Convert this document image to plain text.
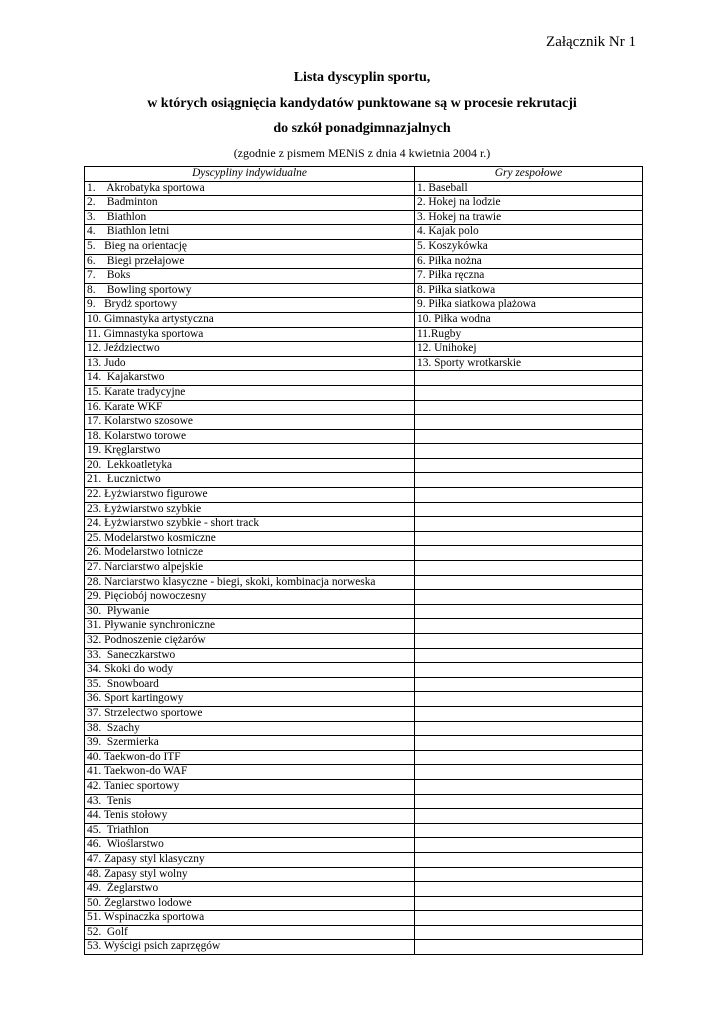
Załącznik Nr 1

Lista dyscyplin sportu,

w których osiągnięcia kandydatów punktowane są w procesie rekrutacji

do szkół ponadgimnazjalnych

(zgodnie z pismem MENiS z dnia 4 kwietnia 2004 r.)

Dyscypliny indywidualne	Gry zespołowe
1.    Akrobatyka sportowa	1. Baseball
2.    Badminton	2. Hokej na lodzie
3.    Biathlon	3. Hokej na trawie
4.    Biathlon letni	4. Kajak polo
5.   Bieg na orientację	5. Koszykówka
6.    Biegi przełajowe	6. Piłka nożna
7.    Boks	7. Piłka ręczna
8.    Bowling sportowy	8. Piłka siatkowa
9.   Brydż sportowy	9. Piłka siatkowa plażowa
10. Gimnastyka artystyczna	10. Piłka wodna
11. Gimnastyka sportowa	11.Rugby
12. Jeździectwo	12. Unihokej
13. Judo	13. Sporty wrotkarskie
14.  Kajakarstwo	
15. Karate tradycyjne	
16. Karate WKF	
17. Kolarstwo szosowe	
18. Kolarstwo torowe	
19. Kręglarstwo	
20.  Lekkoatletyka	
21.  Łucznictwo	
22. Łyżwiarstwo figurowe	
23. Łyżwiarstwo szybkie	
24. Łyżwiarstwo szybkie - short track	
25. Modelarstwo kosmiczne	
26. Modelarstwo lotnicze	
27. Narciarstwo alpejskie	
28. Narciarstwo klasyczne - biegi, skoki, kombinacja norweska	
29. Pięciobój nowoczesny	
30.  Pływanie	
31. Pływanie synchroniczne	
32. Podnoszenie ciężarów	
33.  Saneczkarstwo	
34. Skoki do wody	
35.  Snowboard	
36. Sport kartingowy	
37. Strzelectwo sportowe	
38.  Szachy	
39.  Szermierka	
40. Taekwon-do ITF	
41. Taekwon-do WAF	
42. Taniec sportowy	
43.  Tenis	
44. Tenis stołowy	
45.  Triathlon	
46.  Wioślarstwo	
47. Zapasy styl klasyczny	
48. Zapasy styl wolny	
49.  Żeglarstwo	
50. Żeglarstwo lodowe	
51. Wspinaczka sportowa	
52.  Golf	
53. Wyścigi psich zaprzęgów	
